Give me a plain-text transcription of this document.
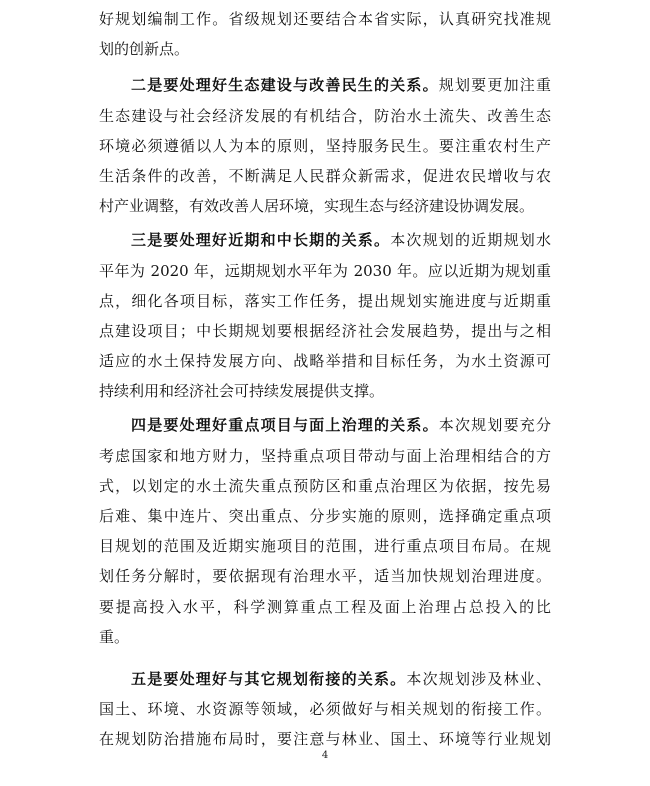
好规划编制工作。省级规划还要结合本省实际，认真研究找准规
划的创新点。
二是要处理好生态建设与改善民生的关系。规划要更加注重
生态建设与社会经济发展的有机结合，防治水土流失、改善生态
环境必须遵循以人为本的原则，坚持服务民生。要注重农村生产
生活条件的改善，不断满足人民群众新需求，促进农民增收与农
村产业调整，有效改善人居环境，实现生态与经济建设协调发展。
三是要处理好近期和中长期的关系。本次规划的近期规划水
平年为 2020 年，远期规划水平年为 2030 年。应以近期为规划重
点，细化各项目标，落实工作任务，提出规划实施进度与近期重
点建设项目；中长期规划要根据经济社会发展趋势，提出与之相
适应的水土保持发展方向、战略举措和目标任务，为水土资源可
持续利用和经济社会可持续发展提供支撑。
四是要处理好重点项目与面上治理的关系。本次规划要充分
考虑国家和地方财力，坚持重点项目带动与面上治理相结合的方
式，以划定的水土流失重点预防区和重点治理区为依据，按先易
后难、集中连片、突出重点、分步实施的原则，选择确定重点项
目规划的范围及近期实施项目的范围，进行重点项目布局。在规
划任务分解时，要依据现有治理水平，适当加快规划治理进度。
要提高投入水平，科学测算重点工程及面上治理占总投入的比
重。
五是要处理好与其它规划衔接的关系。本次规划涉及林业、
国土、环境、水资源等领域，必须做好与相关规划的衔接工作。
在规划防治措施布局时，要注意与林业、国土、环境等行业规划
4
